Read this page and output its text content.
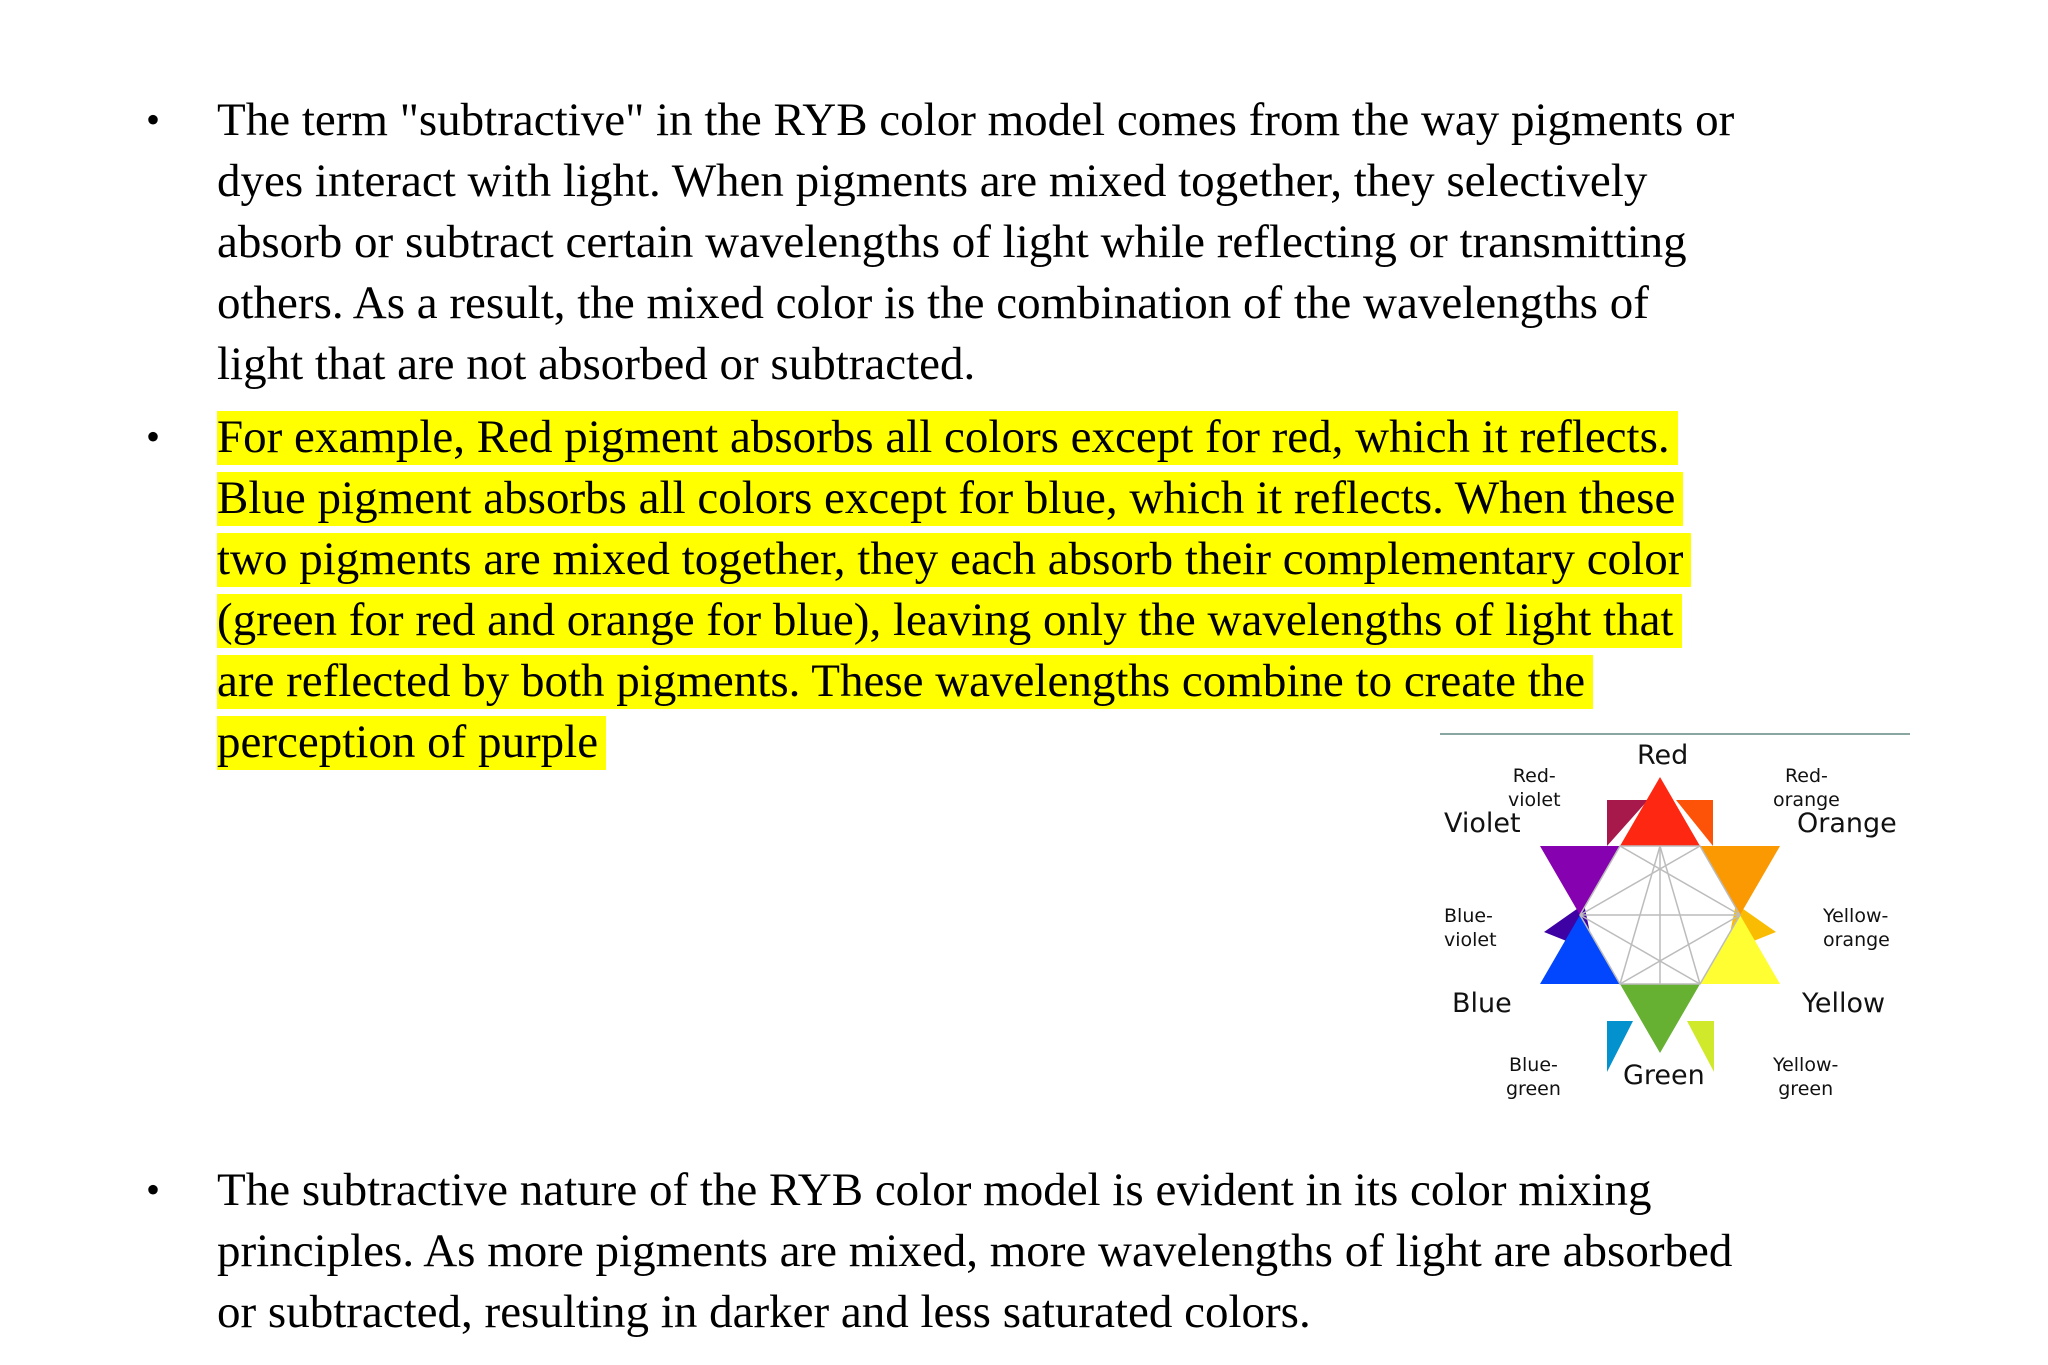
• The term "subtractive" in the RYB color model comes from the way pigments or
dyes interact with light. When pigments are mixed together, they selectively
absorb or subtract certain wavelengths of light while reflecting or transmitting
others. As a result, the mixed color is the combination of the wavelengths of
light that are not absorbed or subtracted.
• For example, Red pigment absorbs all colors except for red, which it reflects.
Blue pigment absorbs all colors except for blue, which it reflects. When these
two pigments are mixed together, they each absorb their complementary color
(green for red and orange for blue), leaving only the wavelengths of light that
are reflected by both pigments. These wavelengths combine to create the
perception of purple	Red
Red-
violet
Red-
orange
Violet	Orange
Blue-
violet
Yellow-
orange
Blue	Yellow
Blue-
green
Yellow-
green
Green
• The subtractive nature of the RYB color model is evident in its color mixing
principles. As more pigments are mixed, more wavelengths of light are absorbed
or subtracted, resulting in darker and less saturated colors.
